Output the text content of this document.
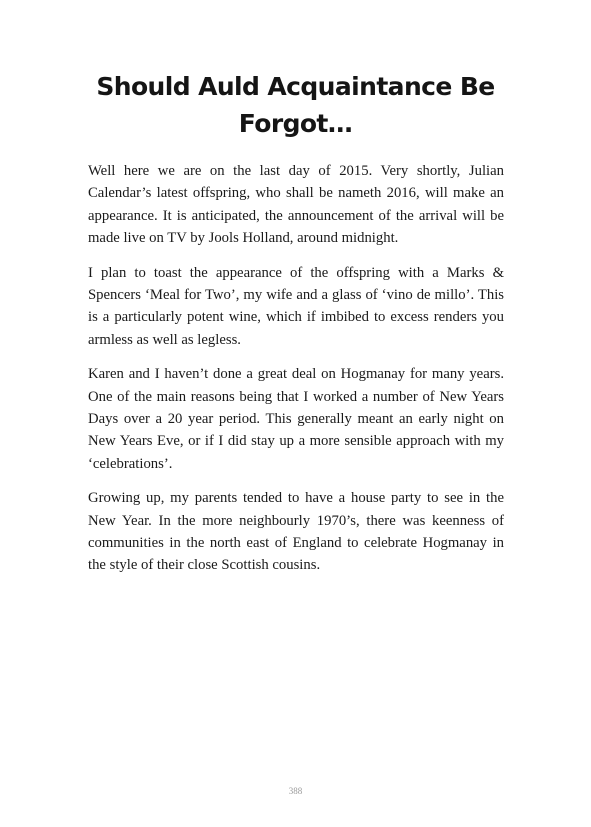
Should Auld Acquaintance Be Forgot…

Well here we are on the last day of 2015. Very shortly, Julian Calendar’s latest offspring, who shall be nameth 2016, will make an appearance. It is anticipated, the announcement of the arrival will be made live on TV by Jools Holland, around midnight.

I plan to toast the appearance of the offspring with a Marks & Spencers ‘Meal for Two’, my wife and a glass of ‘vino de millo’. This is a particularly potent wine, which if imbibed to excess renders you armless as well as legless.

Karen and I haven’t done a great deal on Hogmanay for many years. One of the main reasons being that I worked a number of New Years Days over a 20 year period. This generally meant an early night on New Years Eve, or if I did stay up a more sensible approach with my ‘celebrations’.

Growing up, my parents tended to have a house party to see in the New Year. In the more neighbourly 1970’s, there was keenness of communities in the north east of England to celebrate Hogmanay in the style of their close Scottish cousins.

388
